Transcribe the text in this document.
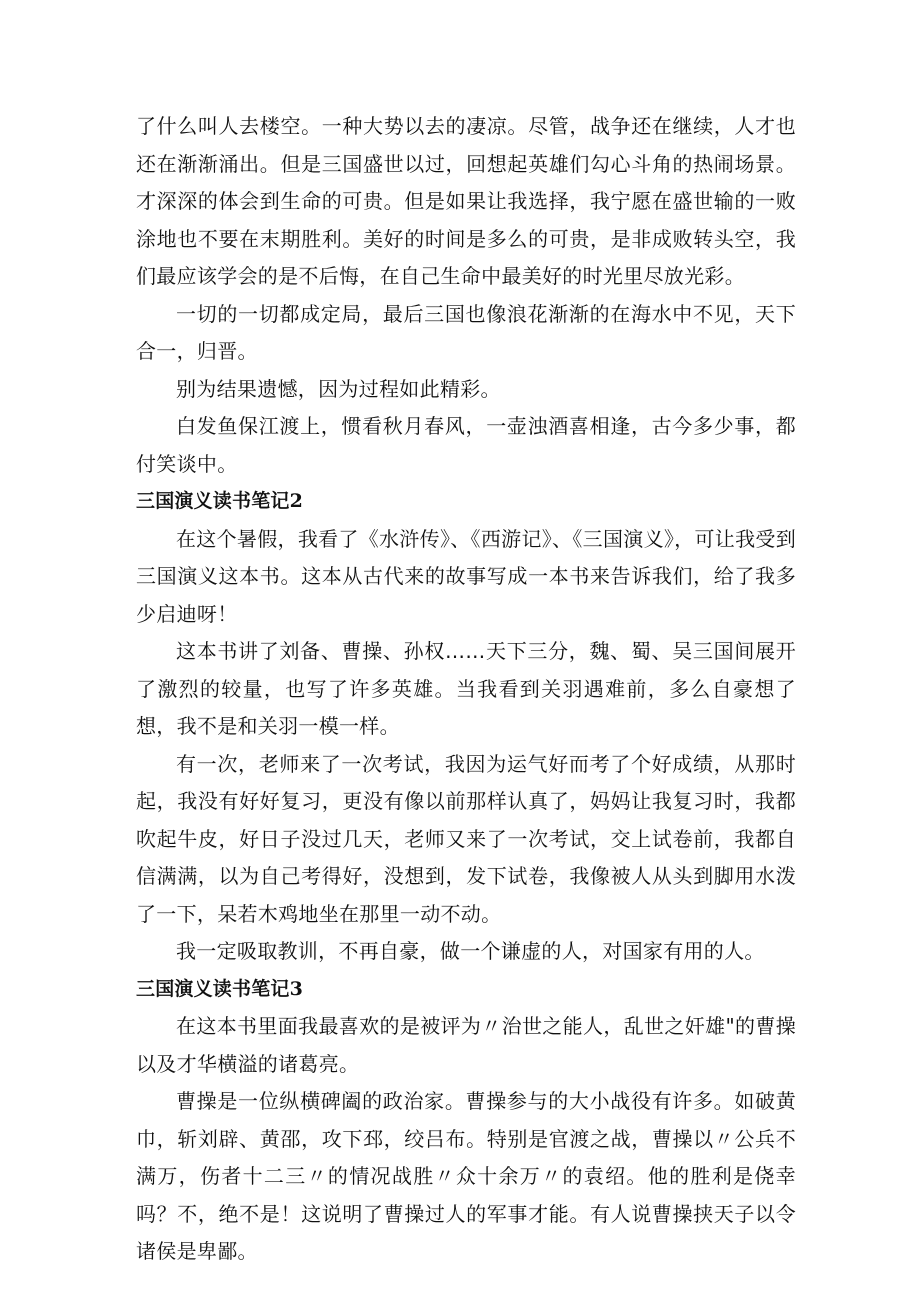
了什么叫人去楼空。一种大势以去的凄凉。尽管，战争还在继续，人才也还在渐渐涌出。但是三国盛世以过，回想起英雄们勾心斗角的热闹场景。才深深的体会到生命的可贵。但是如果让我选择，我宁愿在盛世输的一败涂地也不要在末期胜利。美好的时间是多么的可贵，是非成败转头空，我们最应该学会的是不后悔，在自己生命中最美好的时光里尽放光彩。

一切的一切都成定局，最后三国也像浪花渐渐的在海水中不见，天下合一，归晋。

别为结果遗憾，因为过程如此精彩。

白发鱼保江渡上，惯看秋月春风，一壶浊酒喜相逢，古今多少事，都付笑谈中。

三国演义读书笔记2

在这个暑假，我看了《水浒传》、《西游记》、《三国演义》，可让我受到三国演义这本书。这本从古代来的故事写成一本书来告诉我们，给了我多少启迪呀！

这本书讲了刘备、曹操、孙权……天下三分，魏、蜀、吴三国间展开了激烈的较量，也写了许多英雄。当我看到关羽遇难前，多么自豪想了想，我不是和关羽一模一样。

有一次，老师来了一次考试，我因为运气好而考了个好成绩，从那时起，我没有好好复习，更没有像以前那样认真了，妈妈让我复习时，我都吹起牛皮，好日子没过几天，老师又来了一次考试，交上试卷前，我都自信满满，以为自己考得好，没想到，发下试卷，我像被人从头到脚用水泼了一下，呆若木鸡地坐在那里一动不动。

我一定吸取教训，不再自豪，做一个谦虚的人，对国家有用的人。

三国演义读书笔记3

在这本书里面我最喜欢的是被评为〃治世之能人，乱世之奸雄"的曹操以及才华横溢的诸葛亮。

曹操是一位纵横碑阖的政治家。曹操参与的大小战役有许多。如破黄巾，斩刘辟、黄邵，攻下邳，绞吕布。特别是官渡之战，曹操以〃公兵不满万，伤者十二三〃的情况战胜〃众十余万〃的袁绍。他的胜利是侥幸吗？不，绝不是！这说明了曹操过人的军事才能。有人说曹操挟天子以令诸侯是卑鄙。
